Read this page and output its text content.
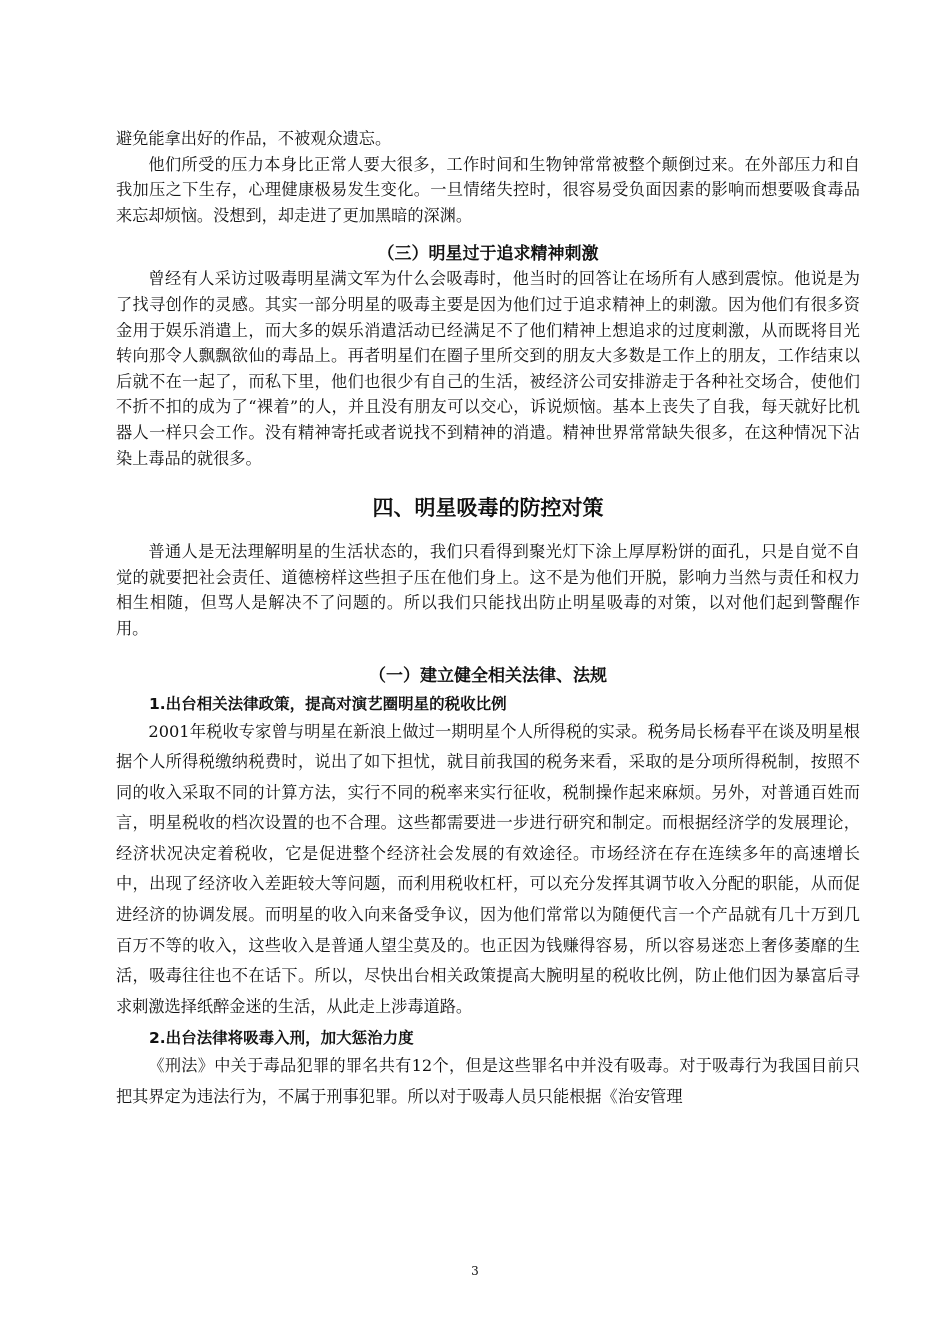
避免能拿出好的作品，不被观众遗忘。

他们所受的压力本身比正常人要大很多，工作时间和生物钟常常被整个颠倒过来。在外部压力和自我加压之下生存，心理健康极易发生变化。一旦情绪失控时，很容易受负面因素的影响而想要吸食毒品来忘却烦恼。没想到，却走进了更加黑暗的深渊。

（三）明星过于追求精神刺激

曾经有人采访过吸毒明星满文军为什么会吸毒时，他当时的回答让在场所有人感到震惊。他说是为了找寻创作的灵感。其实一部分明星的吸毒主要是因为他们过于追求精神上的刺激。因为他们有很多资金用于娱乐消遣上，而大多的娱乐消遣活动已经满足不了他们精神上想追求的过度刺激，从而既将目光转向那令人飘飘欲仙的毒品上。再者明星们在圈子里所交到的朋友大多数是工作上的朋友，工作结束以后就不在一起了，而私下里，他们也很少有自己的生活，被经济公司安排游走于各种社交场合，使他们不折不扣的成为了“裸着”的人，并且没有朋友可以交心，诉说烦恼。基本上丧失了自我，每天就好比机器人一样只会工作。没有精神寄托或者说找不到精神的消遣。精神世界常常缺失很多，在这种情况下沾染上毒品的就很多。

四、明星吸毒的防控对策

普通人是无法理解明星的生活状态的，我们只看得到聚光灯下涂上厚厚粉饼的面孔，只是自觉不自觉的就要把社会责任、道德榜样这些担子压在他们身上。这不是为他们开脱，影响力当然与责任和权力相生相随，但骂人是解决不了问题的。所以我们只能找出防止明星吸毒的对策，以对他们起到警醒作用。

（一）建立健全相关法律、法规
1.出台相关法律政策，提高对演艺圈明星的税收比例

2001年税收专家曾与明星在新浪上做过一期明星个人所得税的实录。税务局长杨春平在谈及明星根据个人所得税缴纳税费时，说出了如下担忧，就目前我国的税务来看，采取的是分项所得税制，按照不同的收入采取不同的计算方法，实行不同的税率来实行征收，税制操作起来麻烦。另外，对普通百姓而言，明星税收的档次设置的也不合理。这些都需要进一步进行研究和制定。而根据经济学的发展理论，经济状况决定着税收，它是促进整个经济社会发展的有效途径。市场经济在存在连续多年的高速增长中，出现了经济收入差距较大等问题，而利用税收杠杆，可以充分发挥其调节收入分配的职能，从而促进经济的协调发展。而明星的收入向来备受争议，因为他们常常以为随便代言一个产品就有几十万到几百万不等的收入，这些收入是普通人望尘莫及的。也正因为钱赚得容易，所以容易迷恋上奢侈萎靡的生活，吸毒往往也不在话下。所以，尽快出台相关政策提高大腕明星的税收比例，防止他们因为暴富后寻求刺激选择纸醉金迷的生活，从此走上涉毒道路。

2.出台法律将吸毒入刑，加大惩治力度

《刑法》中关于毒品犯罪的罪名共有12个，但是这些罪名中并没有吸毒。对于吸毒行为我国目前只把其界定为违法行为，不属于刑事犯罪。所以对于吸毒人员只能根据《治安管理

3
